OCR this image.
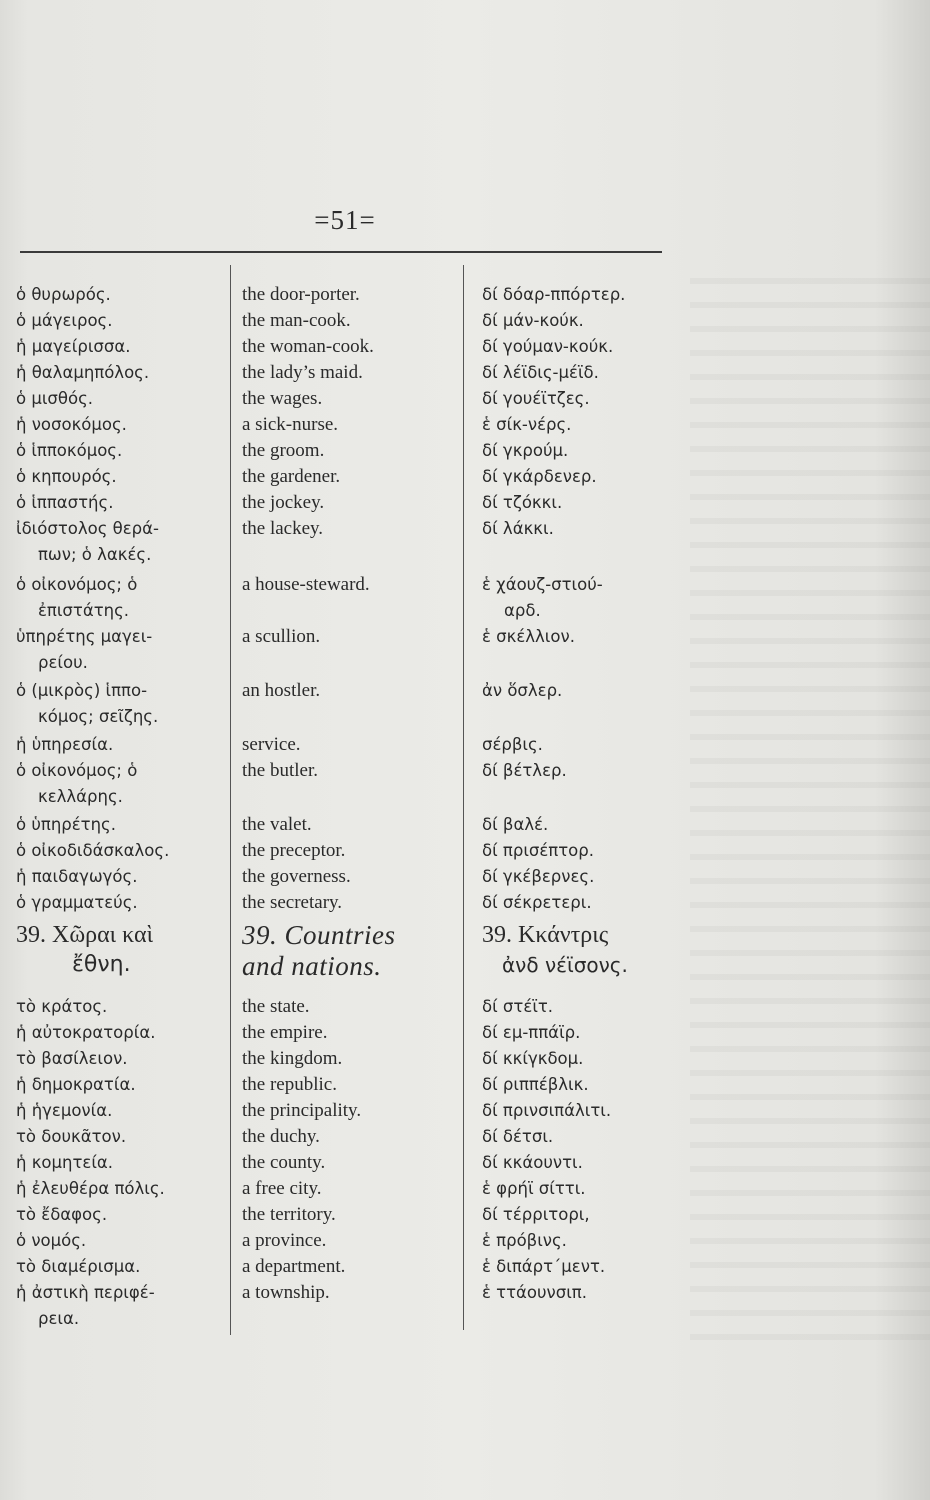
=51=
ὁ θυρωρός.
ὁ μάγειρος.
ἡ μαγείρισσα.
ἡ θαλαμηπόλος.
ὁ μισθός.
ἡ νοσοκόμος.
ὁ ἱπποκόμος.
ὁ κηπουρός.
ὁ ἱππαστής.
ἰδιόστολος θερά-
πων; ὁ λακές.
ὁ οἰκονόμος; ὁ
ἐπιστάτης.
ὑπηρέτης μαγει-
ρείου.
ὁ (μικρὸς) ἱππο-
κόμος; σεῖζης.
ἡ ὑπηρεσία.
ὁ οἰκονόμος; ὁ
κελλάρης.
ὁ ὑπηρέτης.
ὁ οἰκοδιδάσκαλος.
ἡ παιδαγωγός.
ὁ γραμματεύς.
39. Χῶραι καὶ
ἔθνη.
τὸ κράτος.
ἡ αὐτοκρατορία.
τὸ βασίλειον.
ἡ δημοκρατία.
ἡ ἡγεμονία.
τὸ δουκᾶτον.
ἡ κομητεία.
ἡ ἐλευθέρα πόλις.
τὸ ἔδαφος.
ὁ νομός.
τὸ διαμέρισμα.
ἡ ἀστικὴ περιφέ-
ρεια.
the door-porter.
the man-cook.
the woman-cook.
the lady’s maid.
the wages.
a sick-nurse.
the groom.
the gardener.
the jockey.
the lackey.
a house-steward.
a scullion.
an hostler.
service.
the butler.
the valet.
the preceptor.
the governess.
the secretary.
39. Countries
and nations.
the state.
the empire.
the kingdom.
the republic.
the principality.
the duchy.
the county.
a free city.
the territory.
a province.
a department.
a township.
δί δόαρ-ππόρτερ.
δί μάν-κούκ.
δί γούμαν-κούκ.
δί λέϊδις-μέϊδ.
δί γουέϊτζες.
ἑ σίκ-νέρς.
δί γκρούμ.
δί γκάρδενερ.
δί τζόκκι.
δί λάκκι.
ἑ χάουζ-στιού-
αρδ.
ἑ σκέλλιον.
ἀν ὅσλερ.
σέρβις.
δί βέτλερ.
δί βαλέ.
δί πρισέπτορ.
δί γκέβερνες.
δί σέκρετερι.
39. Κκάντρις
ἀνδ νέϊσονς.
δί στέϊτ.
δί εμ-ππάϊρ.
δί κκίγκδομ.
δί ριππέβλικ.
δί πρινσιπάλιτι.
δί δέτσι.
δί κκάουντι.
ἑ φρήϊ σίττι.
δί τέρριτορι,
ἑ πρόβινς.
ἑ διπάρτ΄μεντ.
ἑ ττάουνσιπ.
